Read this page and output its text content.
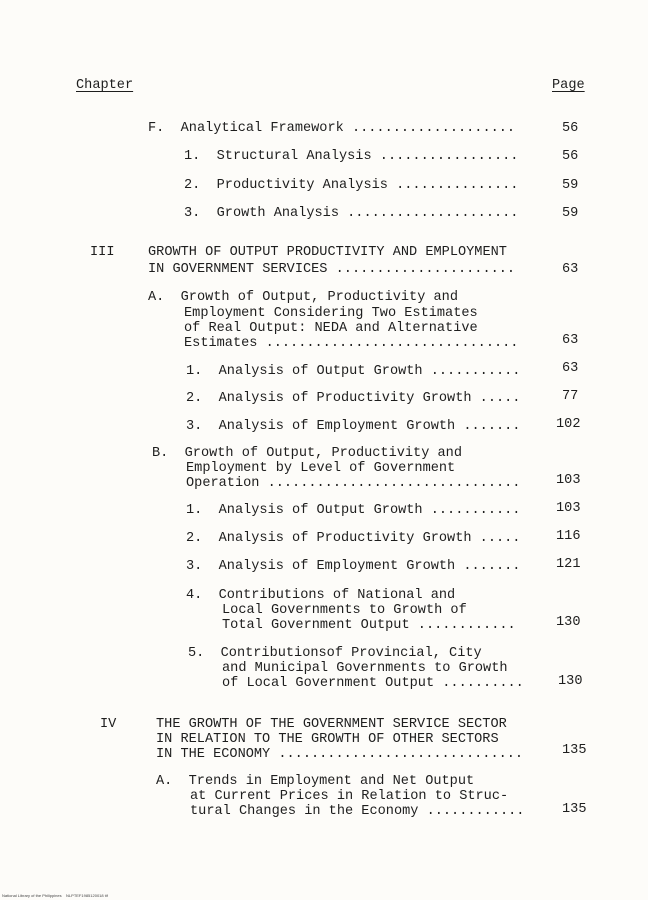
Chapter	Page
F.  Analytical Framework ....................	56
1.  Structural Analysis .................	56
2.  Productivity Analysis ...............	59
3.  Growth Analysis .....................	59
III GROWTH OF OUTPUT PRODUCTIVITY AND EMPLOYMENT
IN GOVERNMENT SERVICES ......................	63
A.  Growth of Output, Productivity and
Employment Considering Two Estimates
of Real Output: NEDA and Alternative
Estimates ...............................	63
1.  Analysis of Output Growth ...........	63
2.  Analysis of Productivity Growth .....	77
3.  Analysis of Employment Growth .......	102
B.  Growth of Output, Productivity and
Employment by Level of Government
Operation ...............................	103
1.  Analysis of Output Growth ...........	103
2.  Analysis of Productivity Growth .....	116
3.  Analysis of Employment Growth .......	121
4.  Contributions of National and
Local Governments to Growth of
Total Government Output ............	130
5.  Contributionsof Provincial, City
and Municipal Governments to Growth
of Local Government Output ..........	130
IV	THE GROWTH OF THE GOVERNMENT SERVICE SECTOR
IN RELATION TO THE GROWTH OF OTHER SECTORS
IN THE ECONOMY ..............................	135
A.  Trends in Employment and Net Output
at Current Prices in Relation to Struc-
tural Changes in the Economy ............	135
National Library of the Philippines    NLPTEF1985120018 tif
